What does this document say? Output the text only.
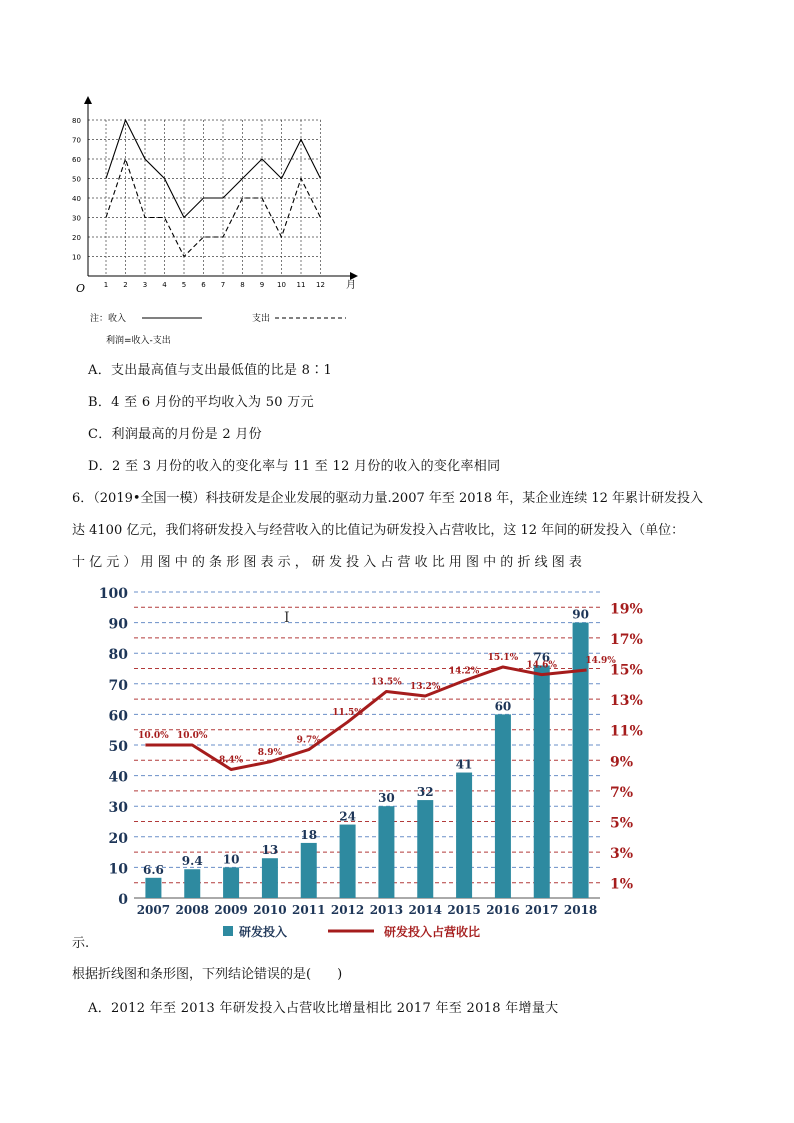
10
20
30
40
50
60
70
80
1 2 3 4 5 6 7 8 9 10 11 12
O	月
注：收入	支出
利润=收入-支出
A．支出最高值与支出最低值的比是 8∶1
B．4 至 6 月份的平均收入为 50 万元
C．利润最高的月份是 2 月份
D．2 至 3 月份的收入的变化率与 11 至 12 月份的收入的变化率相同
6．（2019•全国一模）科技研发是企业发展的驱动力量.2007 年至 2018 年，某企业连续 12 年累计研发投入
达 4100 亿元，我们将研发投入与经营收入的比值记为研发投入占营收比，这 12 年间的研发投入（单位：
十 亿 元 ） 用 图 中 的 条 形 图 表 示 ， 研 发 投 入 占 营 收 比 用 图 中 的 折 线 图 表
0
10
20
30
40
50
60
70
80
90
100
1%
3%
5%
7%
9%
11%
13%
15%
17%
19%
2007
6.6
2008
9.4
2009
10
2010
13
2011
18
2012
24
2013
30
2014
32
2015
41
2016
60
2017
76
2018
90
10.0% 10.0%
8.4%
8.9%
9.7%
11.5%
13.5% 13.2%
14.2%
15.1%
14.6%	14.9%
Ι
研发投入	研发投入占营收比
示.
根据折线图和条形图，下列结论错误的是(　　)
A．2012 年至 2013 年研发投入占营收比增量相比 2017 年至 2018 年增量大
